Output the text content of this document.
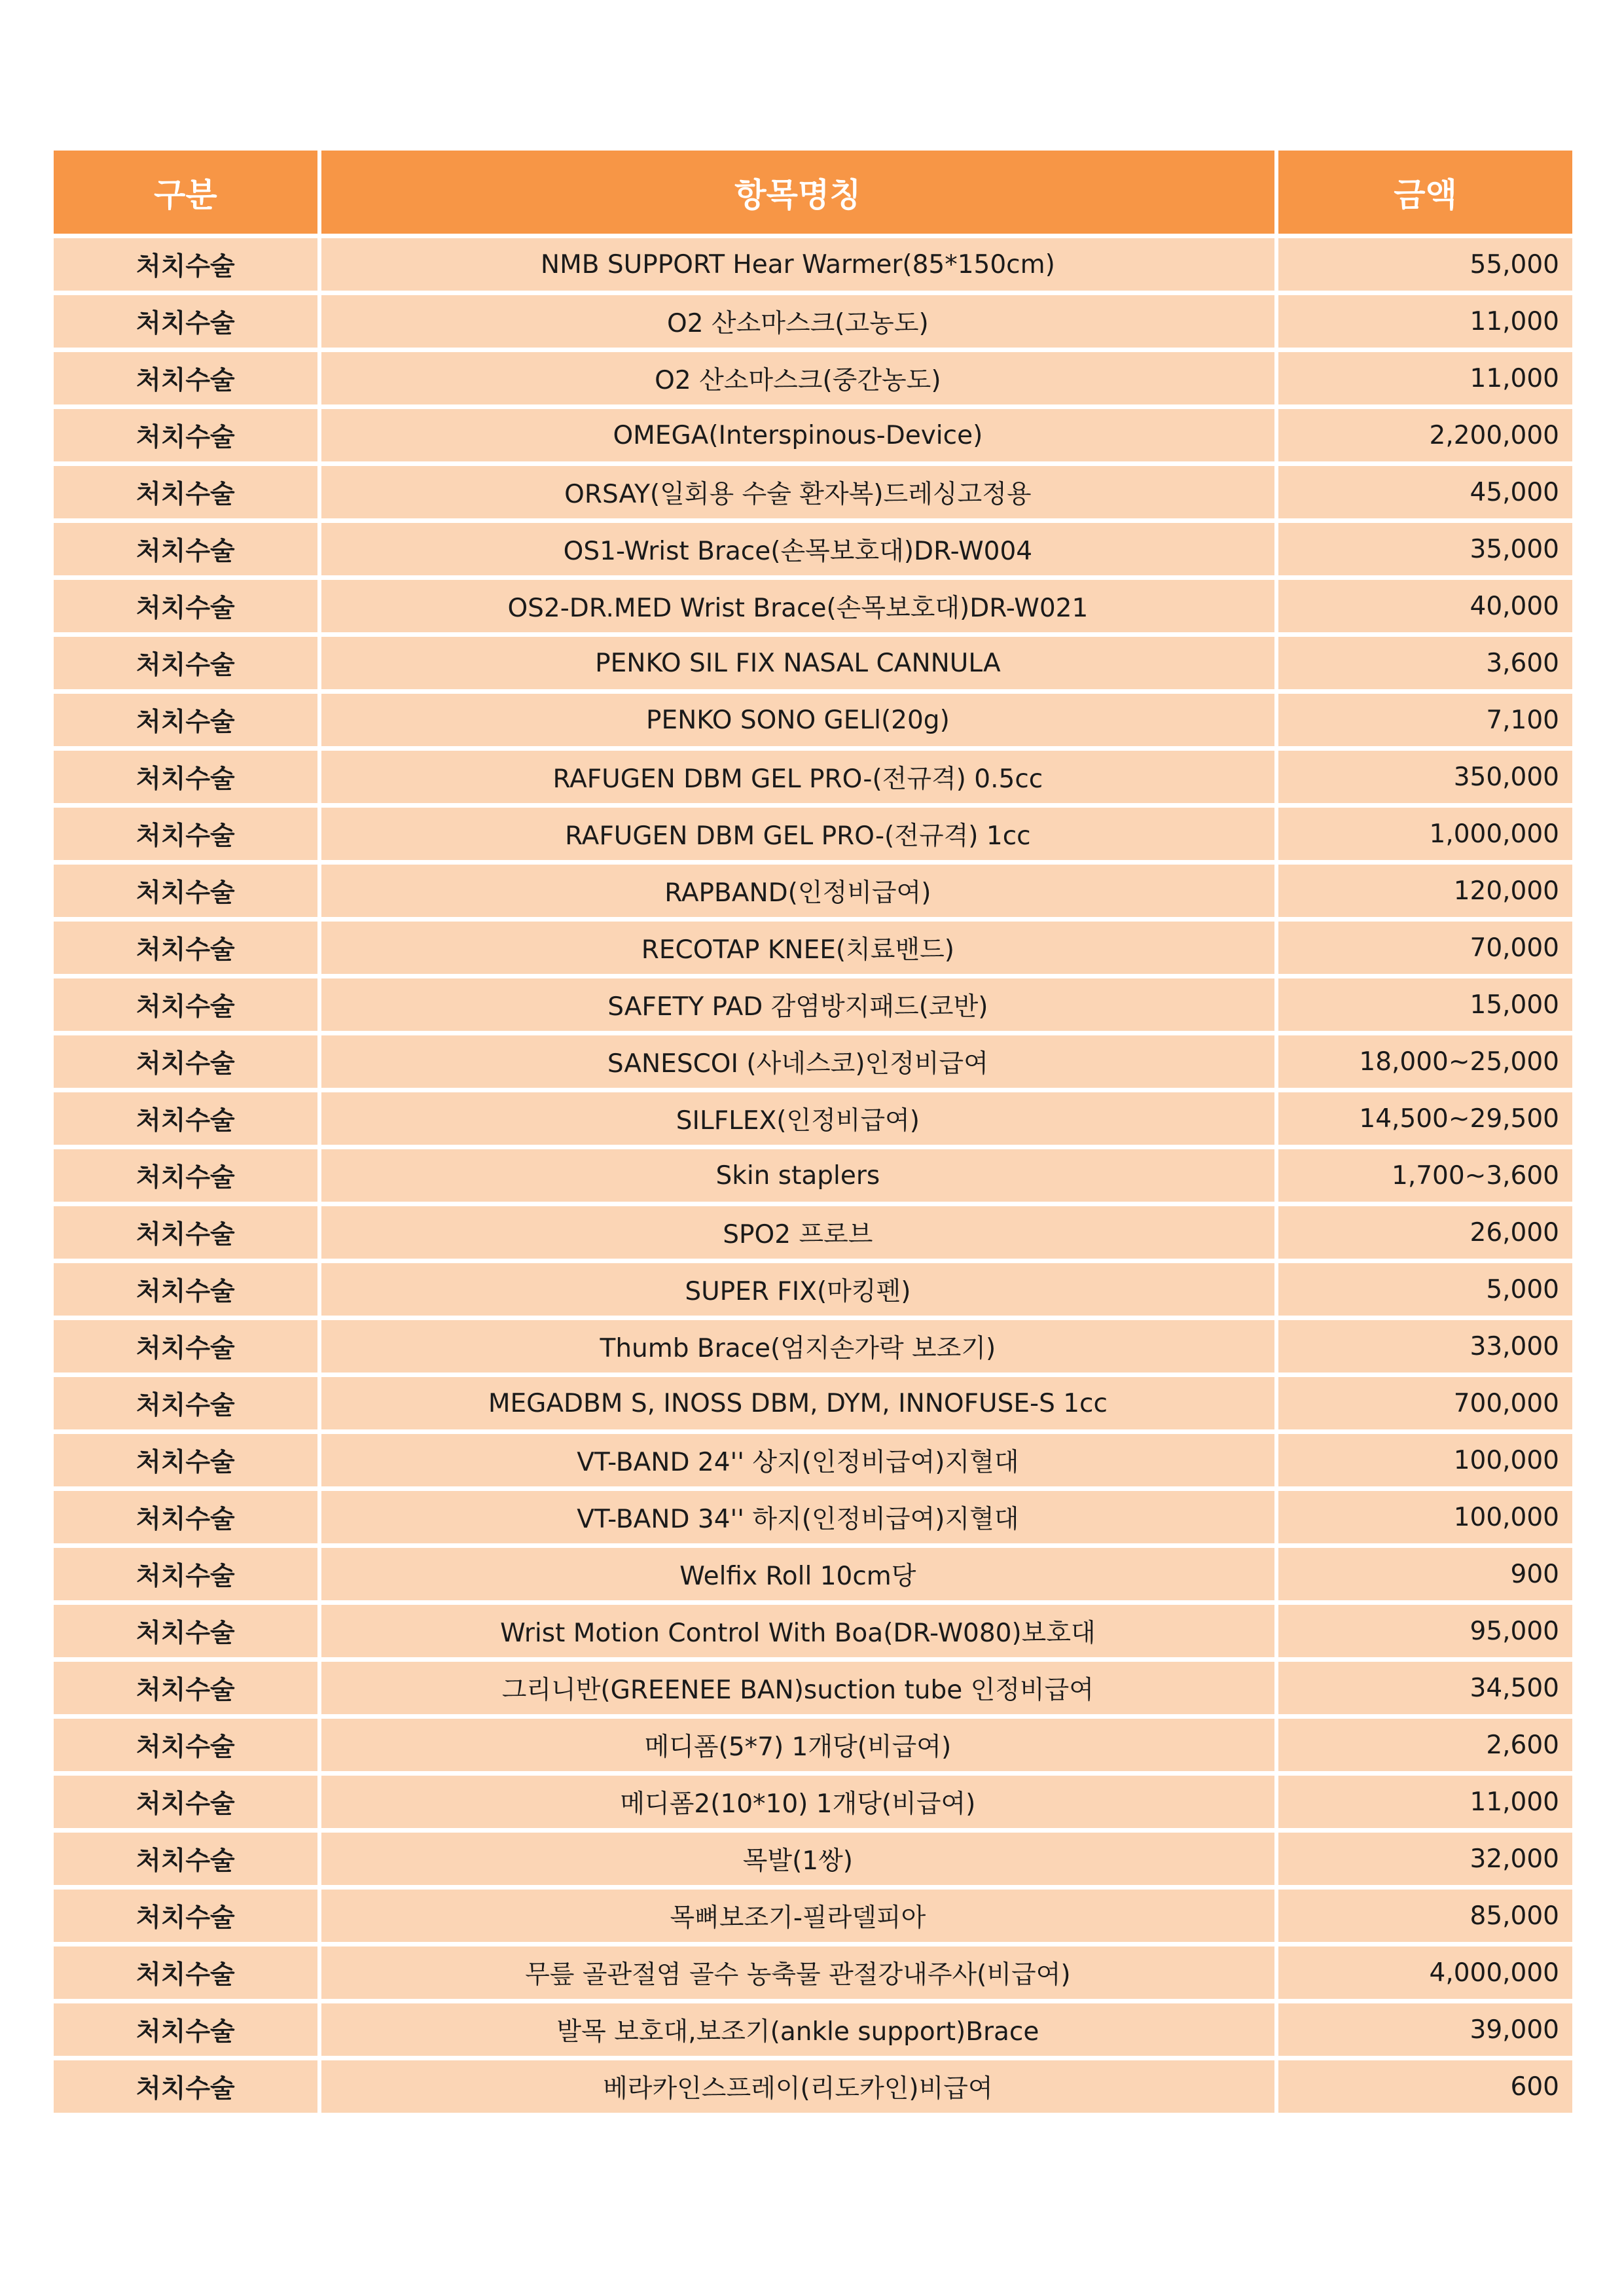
구분	항목명칭	금액
처치수술	NMB SUPPORT Hear Warmer(85*150cm)	55,000
처치수술	O2 산소마스크(고농도)	11,000
처치수술	O2 산소마스크(중간농도)	11,000
처치수술	OMEGA(Interspinous-Device)	2,200,000
처치수술	ORSAY(일회용 수술 환자복)드레싱고정용	45,000
처치수술	OS1-Wrist Brace(손목보호대)DR-W004	35,000
처치수술	OS2-DR.MED Wrist Brace(손목보호대)DR-W021	40,000
처치수술	PENKO SIL FIX NASAL CANNULA	3,600
처치수술	PENKO SONO GELl(20g)	7,100
처치수술	RAFUGEN DBM GEL PRO-(전규격) 0.5cc	350,000
처치수술	RAFUGEN DBM GEL PRO-(전규격) 1cc	1,000,000
처치수술	RAPBAND(인정비급여)	120,000
처치수술	RECOTAP KNEE(치료밴드)	70,000
처치수술	SAFETY PAD 감염방지패드(코반)	15,000
처치수술	SANESCOⅠ (사네스코)인정비급여	18,000~25,000
처치수술	SILFLEX(인정비급여)	14,500~29,500
처치수술	Skin staplers	1,700~3,600
처치수술	SPO2 프로브	26,000
처치수술	SUPER FIX(마킹펜)	5,000
처치수술	Thumb Brace(엄지손가락 보조기)	33,000
처치수술	MEGADBM S, INOSS DBM, DYM, INNOFUSE-S 1cc	700,000
처치수술	VT-BAND 24'' 상지(인정비급여)지혈대	100,000
처치수술	VT-BAND 34'' 하지(인정비급여)지혈대	100,000
처치수술	Welfix Roll 10cm당	900
처치수술	Wrist Motion Control With Boa(DR-W080)보호대	95,000
처치수술	그리니반(GREENEE BAN)suction tube 인정비급여	34,500
처치수술	메디폼(5*7) 1개당(비급여)	2,600
처치수술	메디폼2(10*10) 1개당(비급여)	11,000
처치수술	목발(1쌍)	32,000
처치수술	목뼈보조기-필라델피아	85,000
처치수술	무릎 골관절염 골수 농축물 관절강내주사(비급여)	4,000,000
처치수술	발목 보호대,보조기(ankle support)Brace	39,000
처치수술	베라카인스프레이(리도카인)비급여	600
